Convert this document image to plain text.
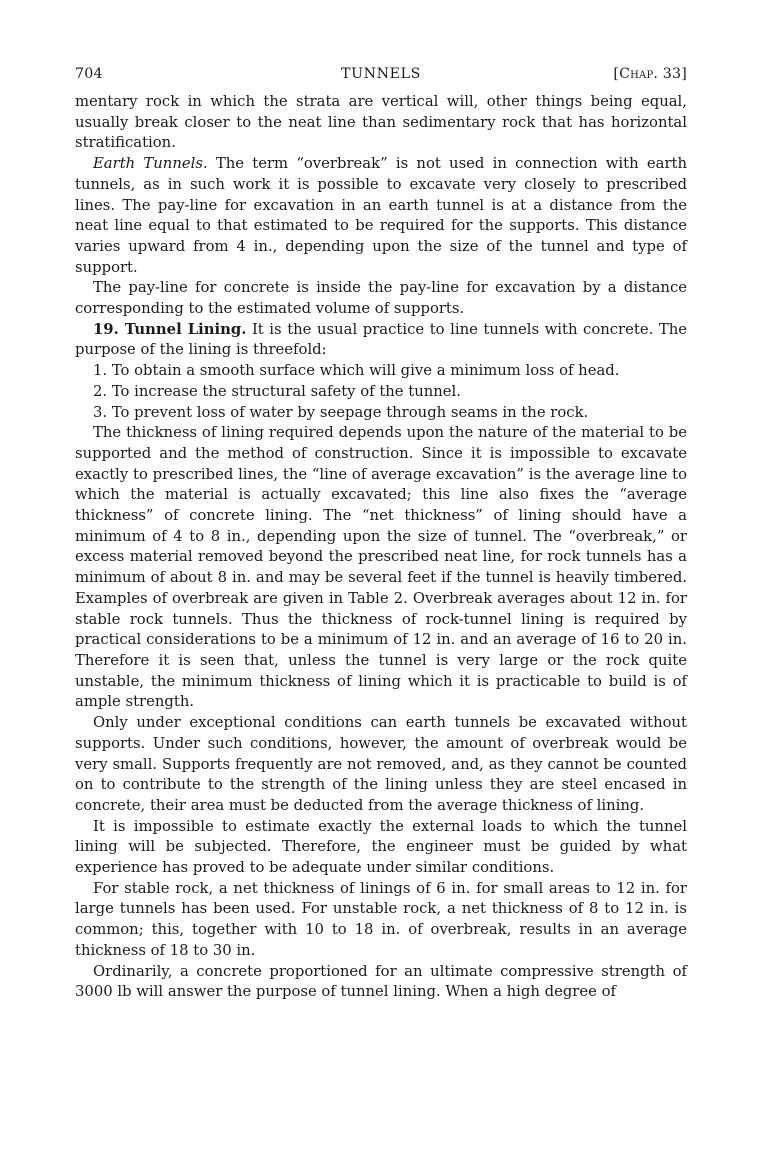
704	TUNNELS	[Chap. 33]

mentary rock in which the strata are vertical will, other things being equal, usually break closer to the neat line than sedimentary rock that has horizontal stratification.

Earth Tunnels. The term “overbreak” is not used in connection with earth tunnels, as in such work it is possible to excavate very closely to prescribed lines. The pay-line for excavation in an earth tunnel is at a distance from the neat line equal to that estimated to be required for the supports. This distance varies upward from 4 in., depending upon the size of the tunnel and type of support.

The pay-line for concrete is inside the pay-line for excavation by a distance corresponding to the estimated volume of supports.

19. Tunnel Lining. It is the usual practice to line tunnels with concrete. The purpose of the lining is threefold:

1. To obtain a smooth surface which will give a minimum loss of head.

2. To increase the structural safety of the tunnel.

3. To prevent loss of water by seepage through seams in the rock.

The thickness of lining required depends upon the nature of the material to be supported and the method of construction. Since it is impossible to excavate exactly to prescribed lines, the “line of average excavation” is the average line to which the material is actually excavated; this line also fixes the “average thickness” of concrete lining. The “net thickness” of lining should have a minimum of 4 to 8 in., depending upon the size of tunnel. The “overbreak,” or excess material removed beyond the prescribed neat line, for rock tunnels has a minimum of about 8 in. and may be several feet if the tunnel is heavily timbered. Examples of overbreak are given in Table 2. Overbreak averages about 12 in. for stable rock tunnels. Thus the thickness of rock-tunnel lining is required by practical considerations to be a minimum of 12 in. and an average of 16 to 20 in. Therefore it is seen that, unless the tunnel is very large or the rock quite unstable, the minimum thickness of lining which it is practicable to build is of ample strength.

Only under exceptional conditions can earth tunnels be excavated without supports. Under such conditions, however, the amount of overbreak would be very small. Supports frequently are not removed, and, as they cannot be counted on to contribute to the strength of the lining unless they are steel encased in concrete, their area must be deducted from the average thickness of lining.

It is impossible to estimate exactly the external loads to which the tunnel lining will be subjected. Therefore, the engineer must be guided by what experience has proved to be adequate under similar conditions.

For stable rock, a net thickness of linings of 6 in. for small areas to 12 in. for large tunnels has been used. For unstable rock, a net thickness of 8 to 12 in. is common; this, together with 10 to 18 in. of overbreak, results in an average thickness of 18 to 30 in.

Ordinarily, a concrete proportioned for an ultimate compressive strength of 3000 lb will answer the purpose of tunnel lining. When a high degree of
